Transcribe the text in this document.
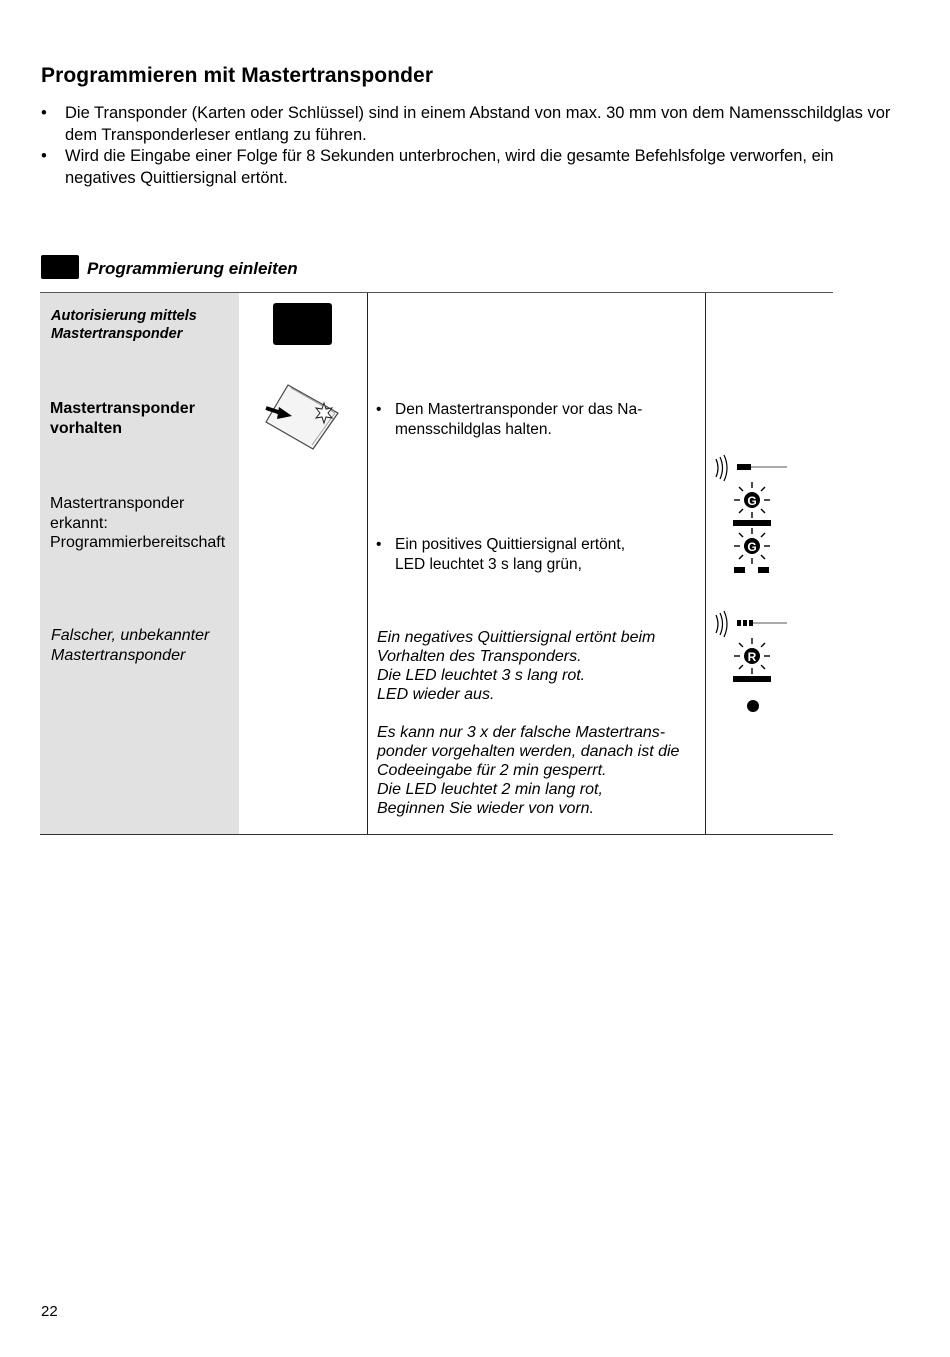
Programmieren mit Mastertransponder
• Die Transponder (Karten oder Schlüssel) sind in einem Abstand von max. 30 mm von dem Namensschildglas vor dem Transponderleser entlang zu führen.
• Wird die Eingabe einer Folge für 8 Sekunden unterbrochen, wird die gesamte Befehlsfolge verworfen, ein negatives Quittiersignal ertönt.
Programmierung einleiten
Autorisierung mittels
Mastertransponder
Mastertransponder
vorhalten
• Den Mastertransponder vor das Na-
mensschildglas halten.
Mastertransponder
erkannt:
Programmierbereitschaft
•	Ein positives Quittiersignal ertönt,
LED leuchtet 3 s lang grün,
Falscher, unbekannter
Mastertransponder
Ein negatives Quittiersignal ertönt beim
Vorhalten des Transponders.
Die LED leuchtet 3 s lang rot.
LED wieder aus.
Es kann nur 3 x der falsche Mastertrans-
ponder vorgehalten werden, danach ist die
Codeeingabe für 2 min gesperrt.
Die LED leuchtet 2 min lang rot,
Beginnen Sie wieder von vorn.
G
G
R
22
